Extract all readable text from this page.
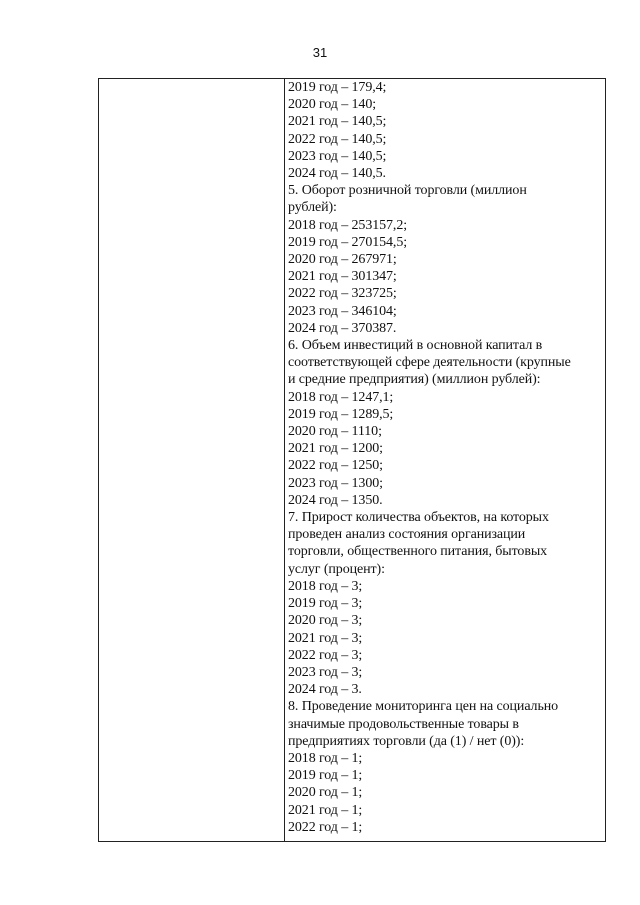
31
2019 год – 179,4;
2020 год – 140;
2021 год – 140,5;
2022 год – 140,5;
2023 год – 140,5;
2024 год – 140,5.
5. Оборот розничной торговли (миллион
рублей):
2018 год – 253157,2;
2019 год – 270154,5;
2020 год – 267971;
2021 год – 301347;
2022 год – 323725;
2023 год – 346104;
2024 год – 370387.
6. Объем инвестиций в основной капитал в
соответствующей сфере деятельности (крупные
и средние предприятия) (миллион рублей):
2018 год – 1247,1;
2019 год – 1289,5;
2020 год – 1110;
2021 год – 1200;
2022 год – 1250;
2023 год – 1300;
2024 год – 1350.
7. Прирост количества объектов, на которых
проведен анализ состояния организации
торговли, общественного питания, бытовых
услуг (процент):
2018 год – 3;
2019 год – 3;
2020 год – 3;
2021 год – 3;
2022 год – 3;
2023 год – 3;
2024 год – 3.
8. Проведение мониторинга цен на социально
значимые продовольственные товары в
предприятиях торговли (да (1) / нет (0)):
2018 год – 1;
2019 год – 1;
2020 год – 1;
2021 год – 1;
2022 год – 1;
